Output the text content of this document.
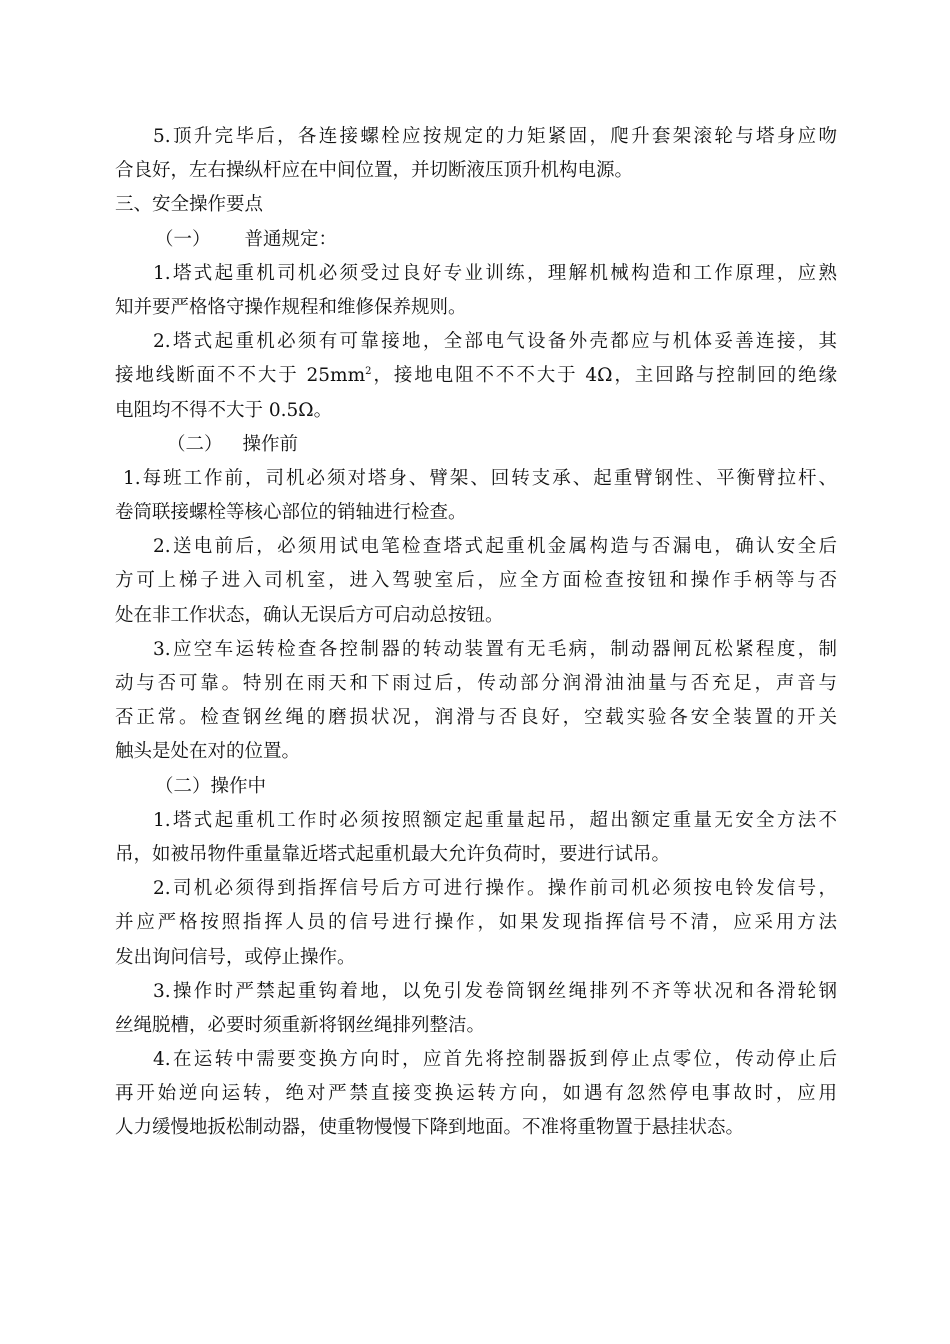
5.顶升完毕后，各连接螺栓应按规定的力矩紧固，爬升套架滚轮与塔身应吻
合良好，左右操纵杆应在中间位置，并切断液压顶升机构电源。
三、安全操作要点
（一） 普通规定：
1.塔式起重机司机必须受过良好专业训练，理解机械构造和工作原理，应熟
知并要严格恪守操作规程和维修保养规则。
2.塔式起重机必须有可靠接地，全部电气设备外壳都应与机体妥善连接，其
接地线断面不不大于 $25mm^2$，接地电阻不不不大于 4Ω，主回路与控制回的绝缘
电阻均不得不大于 0.5Ω。
（二） 操作前
1.每班工作前，司机必须对塔身、臂架、回转支承、起重臂钢性、平衡臂拉杆、
卷筒联接螺栓等核心部位的销轴进行检查。
2.送电前后，必须用试电笔检查塔式起重机金属构造与否漏电，确认安全后
方可上梯子进入司机室，进入驾驶室后，应全方面检查按钮和操作手柄等与否
处在非工作状态，确认无误后方可启动总按钮。
3.应空车运转检查各控制器的转动装置有无毛病，制动器闸瓦松紧程度，制
动与否可靠。特别在雨天和下雨过后，传动部分润滑油油量与否充足，声音与
否正常。检查钢丝绳的磨损状况，润滑与否良好，空载实验各安全装置的开关
触头是处在对的位置。
（二）操作中
1.塔式起重机工作时必须按照额定起重量起吊，超出额定重量无安全方法不
吊，如被吊物件重量靠近塔式起重机最大允许负荷时，要进行试吊。
2.司机必须得到指挥信号后方可进行操作。操作前司机必须按电铃发信号，
并应严格按照指挥人员的信号进行操作，如果发现指挥信号不清，应采用方法
发出询问信号，或停止操作。
3.操作时严禁起重钩着地，以免引发卷筒钢丝绳排列不齐等状况和各滑轮钢
丝绳脱槽，必要时须重新将钢丝绳排列整洁。
4.在运转中需要变换方向时，应首先将控制器扳到停止点零位，传动停止后
再开始逆向运转，绝对严禁直接变换运转方向，如遇有忽然停电事故时，应用
人力缓慢地扳松制动器，使重物慢慢下降到地面。不准将重物置于悬挂状态。
